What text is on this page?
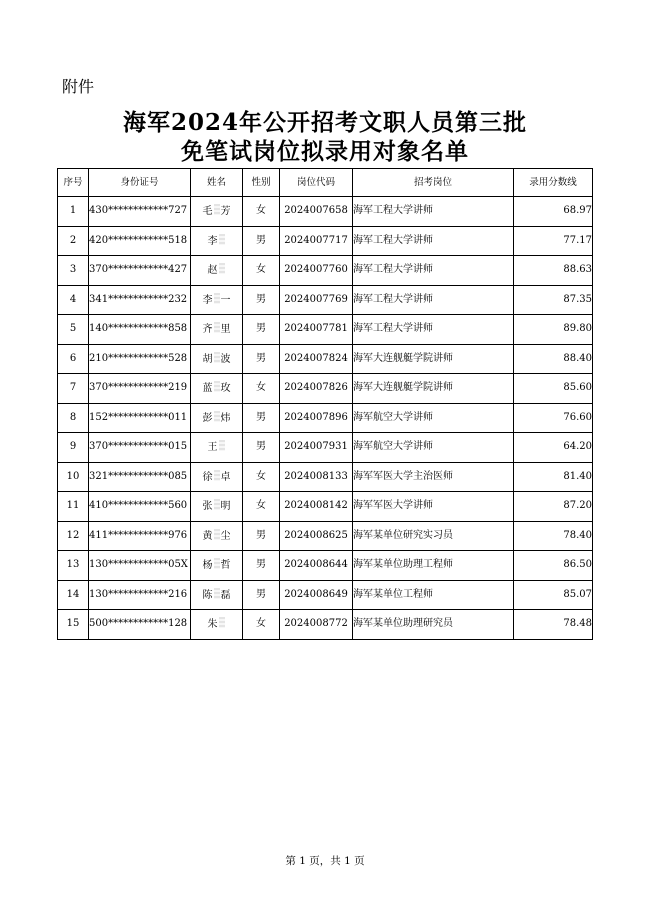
附件
海军2024年公开招考文职人员第三批
免笔试岗位拟录用对象名单
序号	身份证号	姓名	性别	岗位代码	招考岗位	录用分数线
1	430************727	毛 芳	女	2024007658	海军工程大学讲师	68.97
2	420************518	李	男	2024007717	海军工程大学讲师	77.17
3	370************427	赵	女	2024007760	海军工程大学讲师	88.63
4	341************232	李 一	男	2024007769	海军工程大学讲师	87.35
5	140************858	齐 里	男	2024007781	海军工程大学讲师	89.80
6	210************528	胡 波	男	2024007824	海军大连舰艇学院讲师	88.40
7	370************219	蓝 玫	女	2024007826	海军大连舰艇学院讲师	85.60
8	152************011	彭 炜	男	2024007896	海军航空大学讲师	76.60
9	370************015	王	男	2024007931	海军航空大学讲师	64.20
10	321************085	徐 卓	女	2024008133	海军军医大学主治医师	81.40
11	410************560	张 明	女	2024008142	海军军医大学讲师	87.20
12	411************976	黄 尘	男	2024008625	海军某单位研究实习员	78.40
13	130************05X	杨 哲	男	2024008644	海军某单位助理工程师	86.50
14	130************216	陈 磊	男	2024008649	海军某单位工程师	85.07
15	500************128	朱	女	2024008772	海军某单位助理研究员	78.48
第 1 页，共 1 页
